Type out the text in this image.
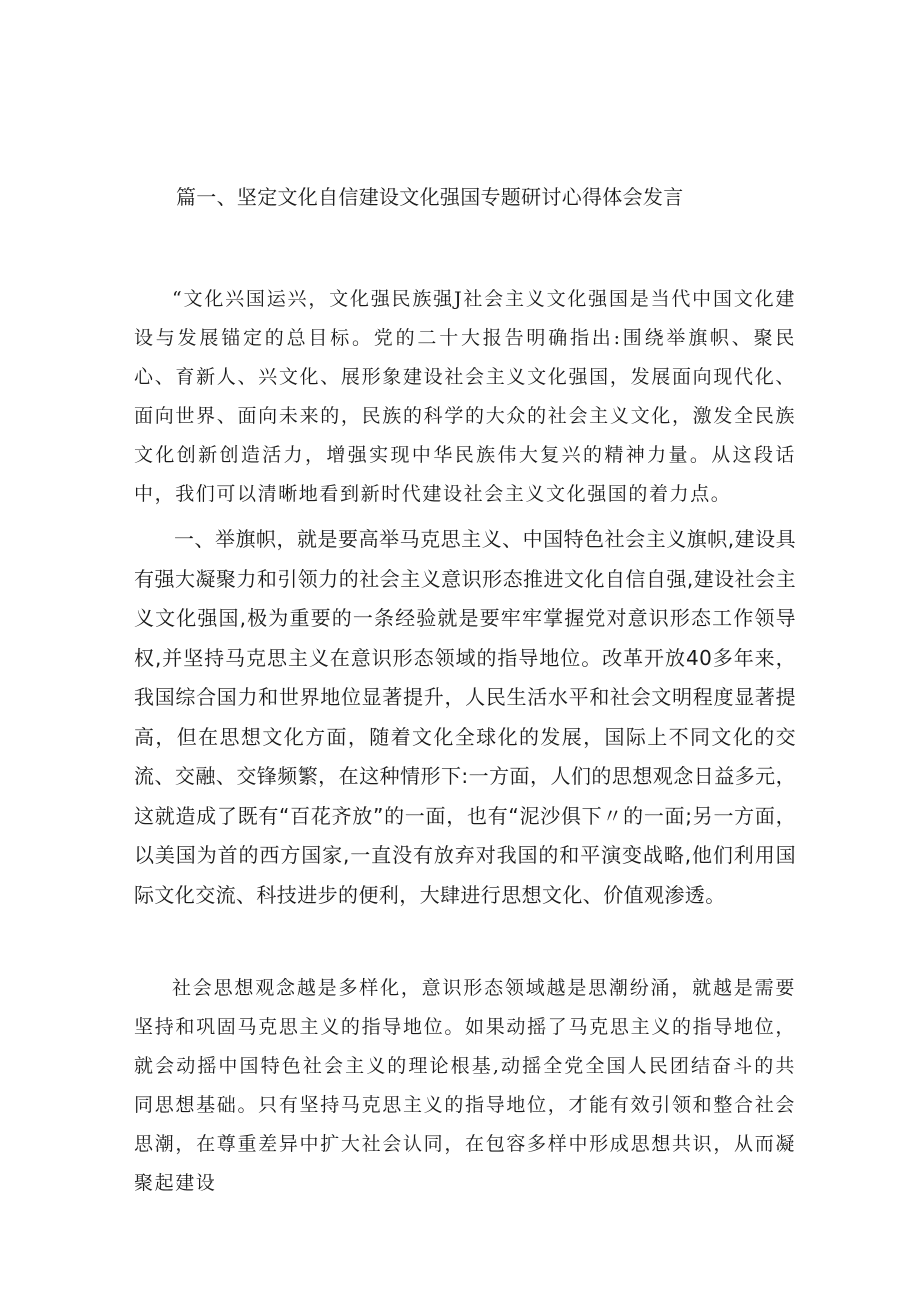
篇一、坚定文化自信建设文化强国专题研讨心得体会发言

“文化兴国运兴，文化强民族强J社会主义文化强国是当代中国文化建设与发展锚定的总目标。党的二十大报告明确指出:围绕举旗帜、聚民心、育新人、兴文化、展形象建设社会主义文化强国，发展面向现代化、面向世界、面向未来的，民族的科学的大众的社会主义文化，激发全民族文化创新创造活力，增强实现中华民族伟大复兴的精神力量。从这段话中，我们可以清晰地看到新时代建设社会主义文化强国的着力点。

一、举旗帜，就是要高举马克思主义、中国特色社会主义旗帜,建设具有强大凝聚力和引领力的社会主义意识形态推进文化自信自强,建设社会主义文化强国,极为重要的一条经验就是要牢牢掌握党对意识形态工作领导权,并坚持马克思主义在意识形态领域的指导地位。改革开放40多年来，我国综合国力和世界地位显著提升，人民生活水平和社会文明程度显著提高，但在思想文化方面，随着文化全球化的发展，国际上不同文化的交流、交融、交锋频繁，在这种情形下:一方面，人们的思想观念日益多元，这就造成了既有“百花齐放”的一面，也有“泥沙俱下〃的一面;另一方面，以美国为首的西方国家,一直没有放弃对我国的和平演变战略,他们利用国际文化交流、科技进步的便利，大肆进行思想文化、价值观渗透。

社会思想观念越是多样化，意识形态领域越是思潮纷涌，就越是需要坚持和巩固马克思主义的指导地位。如果动摇了马克思主义的指导地位，就会动摇中国特色社会主义的理论根基,动摇全党全国人民团结奋斗的共同思想基础。只有坚持马克思主义的指导地位，才能有效引领和整合社会思潮，在尊重差异中扩大社会认同，在包容多样中形成思想共识，从而凝聚起建设
